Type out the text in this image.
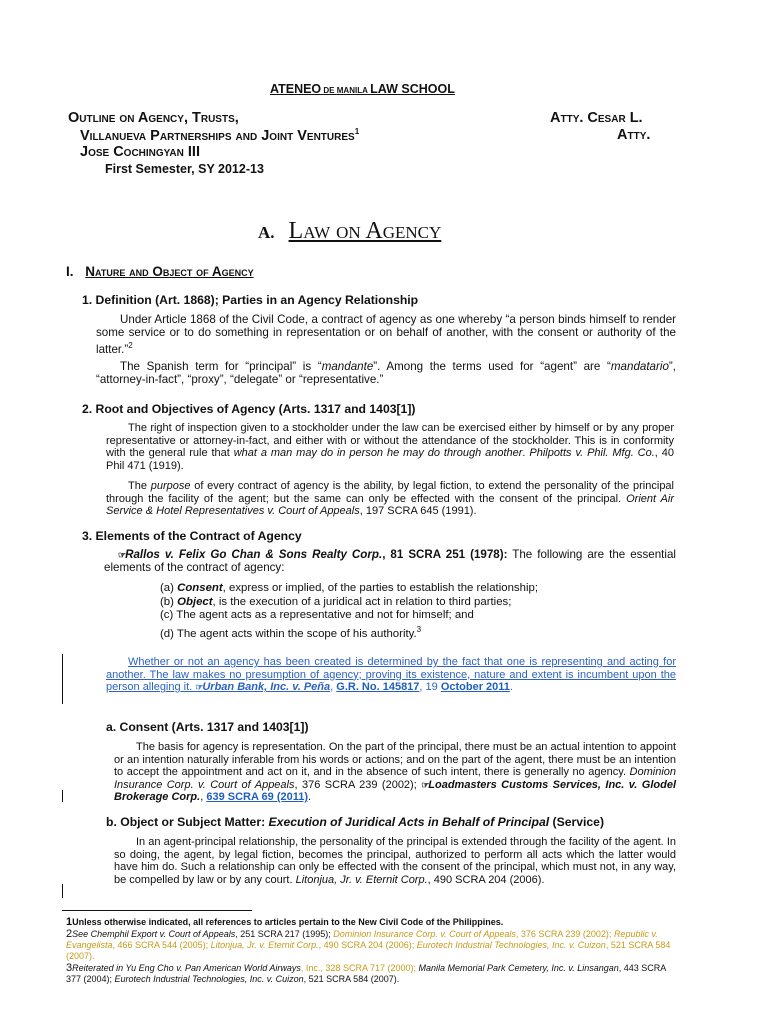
ATENEO DE MANILA LAW SCHOOL
Outline on Agency, Trusts,	Atty. Cesar L.
Villanueva Partnerships and Joint Ventures$^1$	Atty.
Jose Cochingyan III
First Semester, SY 2012-13
A. Law on Agency
I. Nature and Object of Agency
1. Definition (Art. 1868); Parties in an Agency Relationship
Under Article 1868 of the Civil Code, a contract of agency as one whereby “a person binds himself to render some service or to do something in representation or on behalf of another, with the consent or authority of the latter.”$^2$
The Spanish term for “principal” is “mandante”. Among the terms used for “agent” are “mandatario”, “attorney-in-fact”, “proxy”, “delegate” or “representative.”
2. Root and Objectives of Agency (Arts. 1317 and 1403[1])
The right of inspection given to a stockholder under the law can be exercised either by himself or by any proper representative or attorney-in-fact, and either with or without the attendance of the stockholder. This is in conformity with the general rule that what a man may do in person he may do through another. Philpotts v. Phil. Mfg. Co., 40 Phil 471 (1919).
The purpose of every contract of agency is the ability, by legal fiction, to extend the personality of the principal through the facility of the agent; but the same can only be effected with the consent of the principal. Orient Air Service & Hotel Representatives v. Court of Appeals, 197 SCRA 645 (1991).
3. Elements of the Contract of Agency
☞Rallos v. Felix Go Chan & Sons Realty Corp., 81 SCRA 251 (1978): The following are the essential elements of the contract of agency:
(a) Consent, express or implied, of the parties to establish the relationship;
(b) Object, is the execution of a juridical act in relation to third parties;
(c) The agent acts as a representative and not for himself; and
(d) The agent acts within the scope of his authority.$^3$
Whether or not an agency has been created is determined by the fact that one is representing and acting for another. The law makes no presumption of agency; proving its existence, nature and extent is incumbent upon the person alleging it. ☞Urban Bank, Inc. v. Peña, G.R. No. 145817, 19 October 2011.
a. Consent (Arts. 1317 and 1403[1])
The basis for agency is representation. On the part of the principal, there must be an actual intention to appoint or an intention naturally inferable from his words or actions; and on the part of the agent, there must be an intention to accept the appointment and act on it, and in the absence of such intent, there is generally no agency. Dominion Insurance Corp. v. Court of Appeals, 376 SCRA 239 (2002); ☞Loadmasters Customs Services, Inc. v. Glodel Brokerage Corp., 639 SCRA 69 (2011).
b. Object or Subject Matter: Execution of Juridical Acts in Behalf of Principal (Service)
In an agent-principal relationship, the personality of the principal is extended through the facility of the agent. In so doing, the agent, by legal fiction, becomes the principal, authorized to perform all acts which the latter would have him do. Such a relationship can only be effected with the consent of the principal, which must not, in any way, be compelled by law or by any court. Litonjua, Jr. v. Eternit Corp., 490 SCRA 204 (2006).
1Unless otherwise indicated, all references to articles pertain to the New Civil Code of the Philippines.
2See Chemphil Export v. Court of Appeals, 251 SCRA 217 (1995); Dominion Insurance Corp. v. Court of Appeals, 376 SCRA 239 (2002); Republic v. Evangelista, 466 SCRA 544 (2005); Litonjua, Jr. v. Eternit Corp., 490 SCRA 204 (2006); Eurotech Industrial Technologies, Inc. v. Cuizon, 521 SCRA 584 (2007).
3Reiterated in Yu Eng Cho v. Pan American World Airways, Inc., 328 SCRA 717 (2000); Manila Memorial Park Cemetery, Inc. v. Linsangan, 443 SCRA 377 (2004); Eurotech Industrial Technologies, Inc. v. Cuizon, 521 SCRA 584 (2007).
